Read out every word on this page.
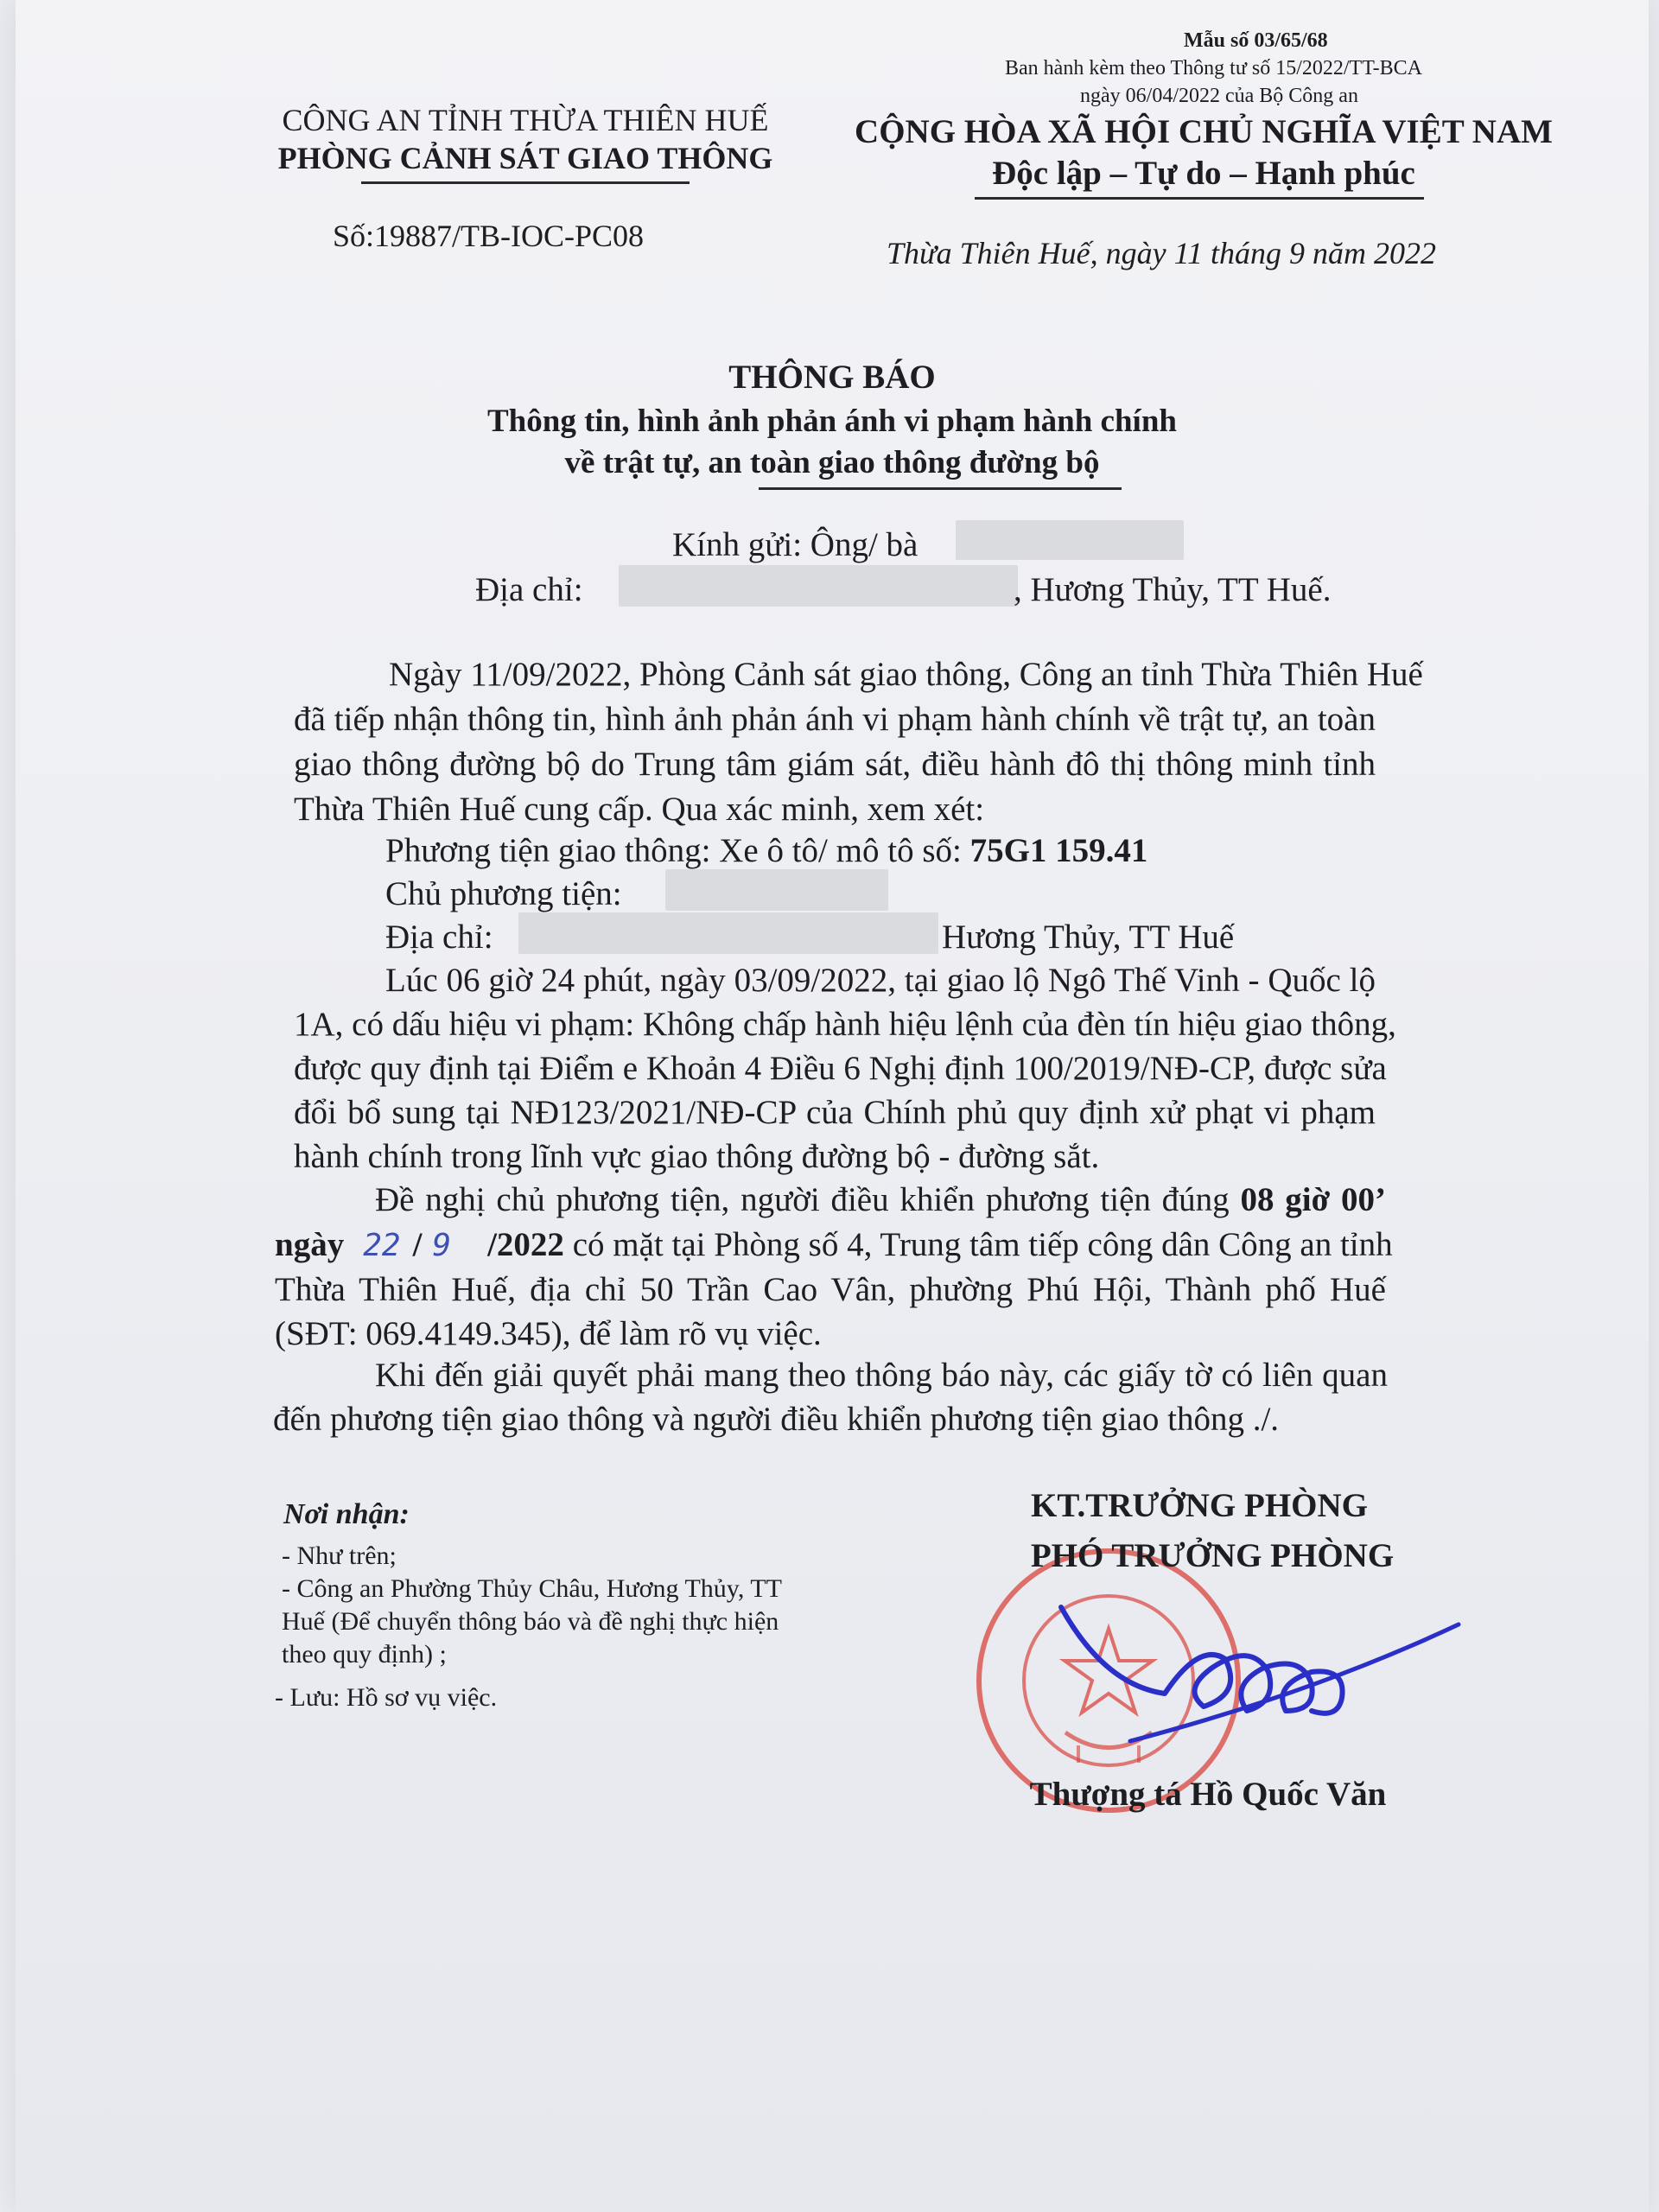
Mẫu số 03/65/68
Ban hành kèm theo Thông tư số 15/2022/TT-BCA
ngày 06/04/2022 của Bộ Công an
CÔNG AN TỈNH THỪA THIÊN HUẾ
PHÒNG CẢNH SÁT GIAO THÔNG
Số:19887/TB-IOC-PC08
CỘNG HÒA XÃ HỘI CHỦ NGHĨA VIỆT NAM
Độc lập – Tự do – Hạnh phúc
Thừa Thiên Huế, ngày 11 tháng 9 năm 2022
THÔNG BÁO
Thông tin, hình ảnh phản ánh vi phạm hành chính
về trật tự, an toàn giao thông đường bộ
Kính gửi: Ông/ bà
Địa chỉ:	, Hương Thủy, TT Huế.
Ngày 11/09/2022, Phòng Cảnh sát giao thông, Công an tỉnh Thừa Thiên Huế
đã tiếp nhận thông tin, hình ảnh phản ánh vi phạm hành chính về trật tự, an toàn
giao thông đường bộ do Trung tâm giám sát, điều hành đô thị thông minh tỉnh
Thừa Thiên Huế cung cấp. Qua xác minh, xem xét:
Phương tiện giao thông: Xe ô tô/ mô tô số: 75G1 159.41
Chủ phương tiện:
Địa chỉ:	Hương Thủy, TT Huế
Lúc 06 giờ 24 phút, ngày 03/09/2022, tại giao lộ Ngô Thế Vinh - Quốc lộ
1A, có dấu hiệu vi phạm: Không chấp hành hiệu lệnh của đèn tín hiệu giao thông,
được quy định tại Điểm e Khoản 4 Điều 6 Nghị định 100/2019/NĐ-CP, được sửa
đổi bổ sung tại NĐ123/2021/NĐ-CP của Chính phủ quy định xử phạt vi phạm
hành chính trong lĩnh vực giao thông đường bộ - đường sắt.
Đề nghị chủ phương tiện, người điều khiển phương tiện đúng 08 giờ 00’
ngày 22 / 9 /2022 có mặt tại Phòng số 4, Trung tâm tiếp công dân Công an tỉnh
Thừa Thiên Huế, địa chỉ 50 Trần Cao Vân, phường Phú Hội, Thành phố Huế
(SĐT: 069.4149.345), để làm rõ vụ việc.
Khi đến giải quyết phải mang theo thông báo này, các giấy tờ có liên quan
đến phương tiện giao thông và người điều khiển phương tiện giao thông ./.
Nơi nhận:
- Như trên;
- Công an Phường Thủy Châu, Hương Thủy, TT
Huế (Để chuyển thông báo và đề nghị thực hiện
theo quy định) ;
- Lưu: Hồ sơ vụ việc.
KT.TRƯỞNG PHÒNG
PHÓ TRƯỞNG PHÒNG
Thượng tá Hồ Quốc Văn
